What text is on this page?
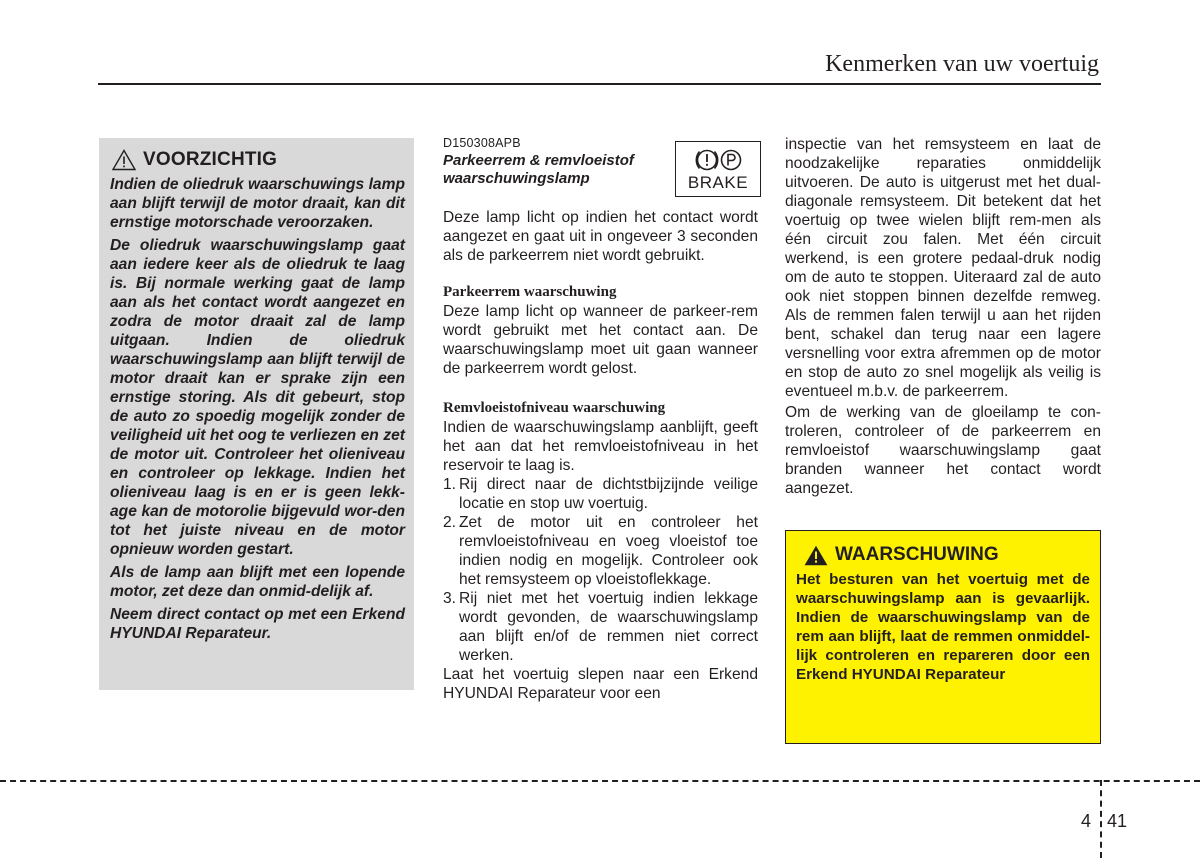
Kenmerken van uw voertuig
VOORZICHTIG

Indien de oliedruk waarschuwings lamp aan blijft terwijl de motor draait, kan dit ernstige motorschade veroorzaken.

De oliedruk waarschuwingslamp gaat aan iedere keer als de oliedruk te laag is. Bij normale werking gaat de lamp aan als het contact wordt aangezet en zodra de motor draait zal de lamp uitgaan. Indien de oliedruk waarschuwingslamp aan blijft terwijl de motor draait kan er sprake zijn een ernstige storing. Als dit gebeurt, stop de auto zo spoedig mogelijk zonder de veiligheid uit het oog te verliezen en zet de motor uit. Controleer het olieniveau en controleer op lekkage. Indien het olieniveau laag is en er is geen lekk-age kan de motorolie bijgevuld wor-den tot het juiste niveau en de motor opnieuw worden gestart.

Als de lamp aan blijft met een lopende motor, zet deze dan onmid-delijk af.

Neem direct contact op met een Erkend HYUNDAI Reparateur.

D150308APB

Parkeerrem & remvloeistof waarschuwingslamp	BRAKE

Deze lamp licht op indien het contact wordt aangezet en gaat uit in ongeveer 3 seconden als de parkeerrem niet wordt gebruikt.

Parkeerrem waarschuwing

Deze lamp licht op wanneer de parkeer-rem wordt gebruikt met het contact aan. De waarschuwingslamp moet uit gaan wanneer de parkeerrem wordt gelost.

Remvloeistofniveau waarschuwing

Indien de waarschuwingslamp aanblijft, geeft het aan dat het remvloeistofniveau in het reservoir te laag is.

1. Rij direct naar de dichtstbijzijnde veilige locatie en stop uw voertuig.
2. Zet de motor uit en controleer het remvloeistofniveau en voeg vloeistof toe indien nodig en mogelijk. Controleer ook het remsysteem op vloeistoflekkage.
3. Rij niet met het voertuig indien lekkage wordt gevonden, de waarschuwingslamp aan blijft en/of de remmen niet correct werken.

Laat het voertuig slepen naar een Erkend HYUNDAI Reparateur voor een

inspectie van het remsysteem en laat de noodzakelijke reparaties onmiddelijk uitvoeren. De auto is uitgerust met het dual-diagonale remsysteem. Dit betekent dat het voertuig op twee wielen blijft rem-men als één circuit zou falen. Met één circuit werkend, is een grotere pedaal-druk nodig om de auto te stoppen. Uiteraard zal de auto ook niet stoppen binnen dezelfde remweg. Als de remmen falen terwijl u aan het rijden bent, schakel dan terug naar een lagere versnelling voor extra afremmen op de motor en stop de auto zo snel mogelijk als veilig is eventueel m.b.v. de parkeerrem.

Om de werking van de gloeilamp te con-troleren, controleer of de parkeerrem en remvloeistof waarschuwingslamp gaat branden wanneer het contact wordt aangezet.

WAARSCHUWING

Het besturen van het voertuig met de waarschuwingslamp aan is gevaarlijk. Indien de waarschuwingslamp van de rem aan blijft, laat de remmen onmiddel-lijk controleren en repareren door een Erkend HYUNDAI Reparateur

4 41
